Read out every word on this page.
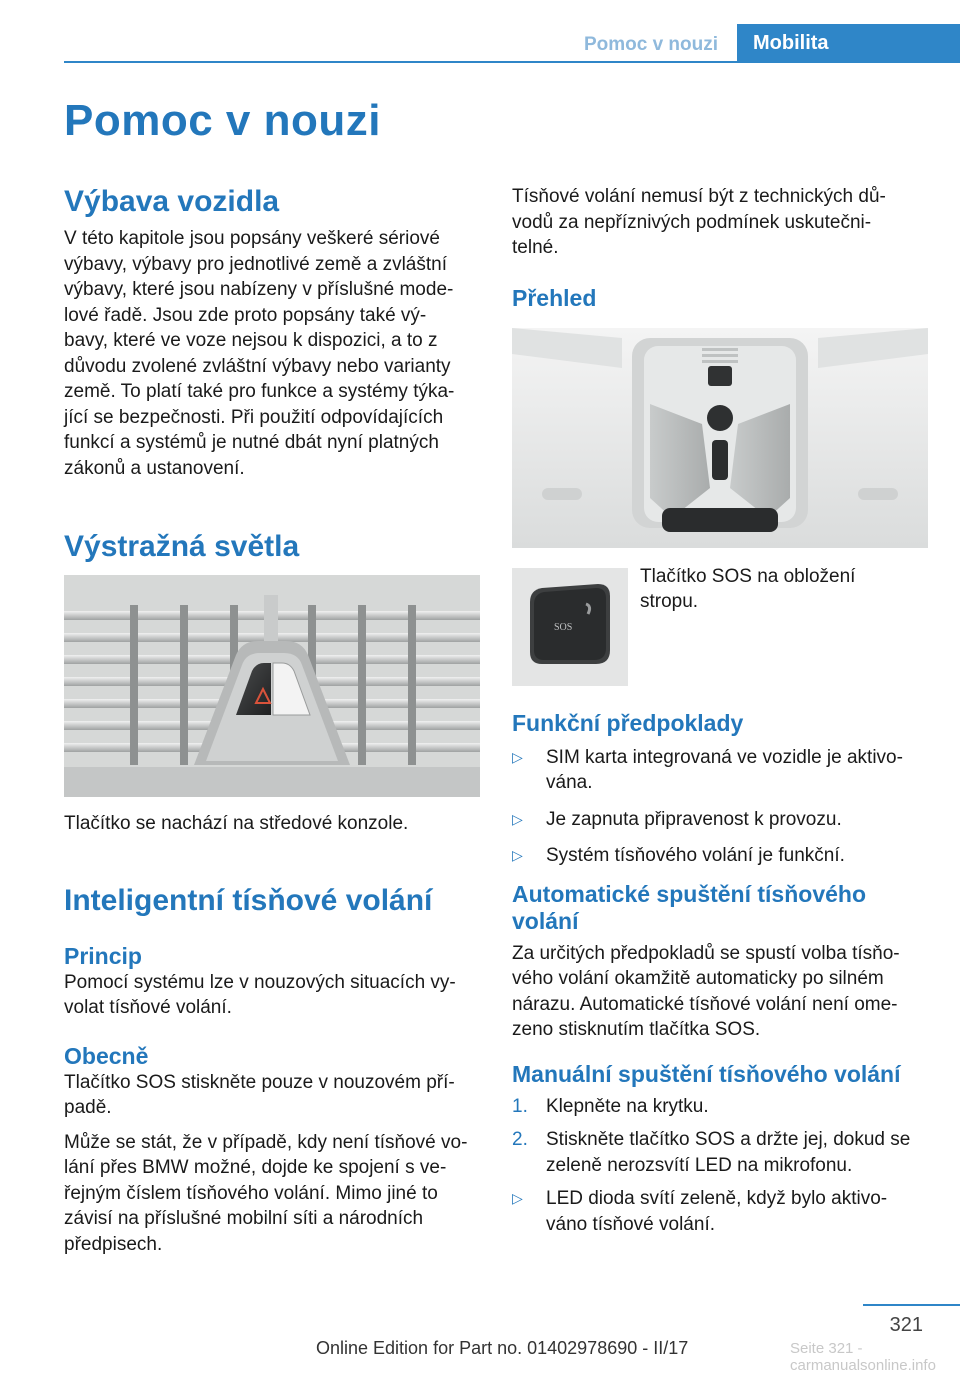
Pomoc v nouzi	Mobilita
Pomoc v nouzi
Výbava vozidla
V této kapitole jsou popsány veškeré sériové
výbavy, výbavy pro jednotlivé země a zvláštní
výbavy, které jsou nabízeny v příslušné mode‐
lové řadě. Jsou zde proto popsány také vý‐
bavy, které ve voze nejsou k dispozici, a to z
důvodu zvolené zvláštní výbavy nebo varianty
země. To platí také pro funkce a systémy týka‐
jící se bezpečnosti. Při použití odpovídajících
funkcí a systémů je nutné dbát nyní platných
zákonů a ustanovení.
Výstražná světla
Tlačítko se nachází na středové konzole.
Inteligentní tísňové volání
Princip
Pomocí systému lze v nouzových situacích vy‐
volat tísňové volání.
Obecně
Tlačítko SOS stiskněte pouze v nouzovém pří‐
padě.
Může se stát, že v případě, kdy není tísňové vo‐
lání přes BMW možné, dojde ke spojení s ve‐
řejným číslem tísňového volání. Mimo jiné to
závisí na příslušné mobilní síti a národních
předpisech.
Tísňové volání nemusí být z technických dů‐
vodů za nepříznivých podmínek uskutečni‐
telné.
Přehled
SOS
Tlačítko SOS na obložení
stropu.
Funkční předpoklady
▷	SIM karta integrovaná ve vozidle je aktivo‐
vána.
▷	Je zapnuta připravenost k provozu.
▷	Systém tísňového volání je funkční.
Automatické spuštění tísňového
volání
Za určitých předpokladů se spustí volba tísňo‐
vého volání okamžitě automaticky po silném
nárazu. Automatické tísňové volání není ome‐
zeno stisknutím tlačítka SOS.
Manuální spuštění tísňového volání
1. Klepněte na krytku.
2. Stiskněte tlačítko SOS a držte jej, dokud se
zeleně nerozsvítí LED na mikrofonu.
▷	LED dioda svítí zeleně, když bylo aktivo‐
váno tísňové volání.
321
Online Edition for Part no. 01402978690 - II/17	Seite 321 - carmanualsonline.info
